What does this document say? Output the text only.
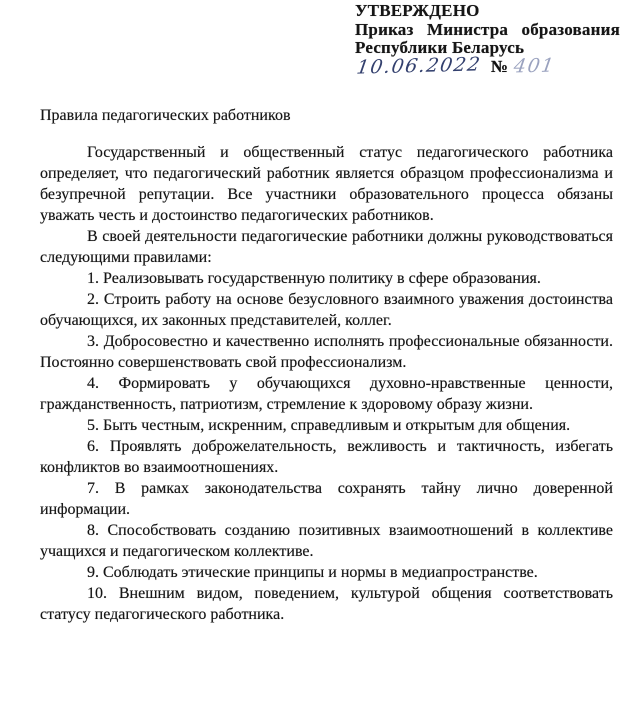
УТВЕРЖДЕНО
Приказ Министра образования
Республики Беларусь
10.06.2022 № 401

Правила педагогических работников

Государственный и общественный статус педагогического работника определяет, что педагогический работник является образцом профессионализма и безупречной репутации. Все участники образовательного процесса обязаны уважать честь и достоинство педагогических работников.

В своей деятельности педагогические работники должны руководствоваться следующими правилами:

1. Реализовывать государственную политику в сфере образования.

2. Строить работу на основе безусловного взаимного уважения достоинства обучающихся, их законных представителей, коллег.

3. Добросовестно и качественно исполнять профессиональные обязанности. Постоянно совершенствовать свой профессионализм.

4. Формировать у обучающихся духовно-нравственные ценности, гражданственность, патриотизм, стремление к здоровому образу жизни.

5. Быть честным, искренним, справедливым и открытым для общения.

6. Проявлять доброжелательность, вежливость и тактичность, избегать конфликтов во взаимоотношениях.

7. В рамках законодательства сохранять тайну лично доверенной информации.

8. Способствовать созданию позитивных взаимоотношений в коллективе учащихся и педагогическом коллективе.

9. Соблюдать этические принципы и нормы в медиапространстве.

10. Внешним видом, поведением, культурой общения соответствовать статусу педагогического работника.
